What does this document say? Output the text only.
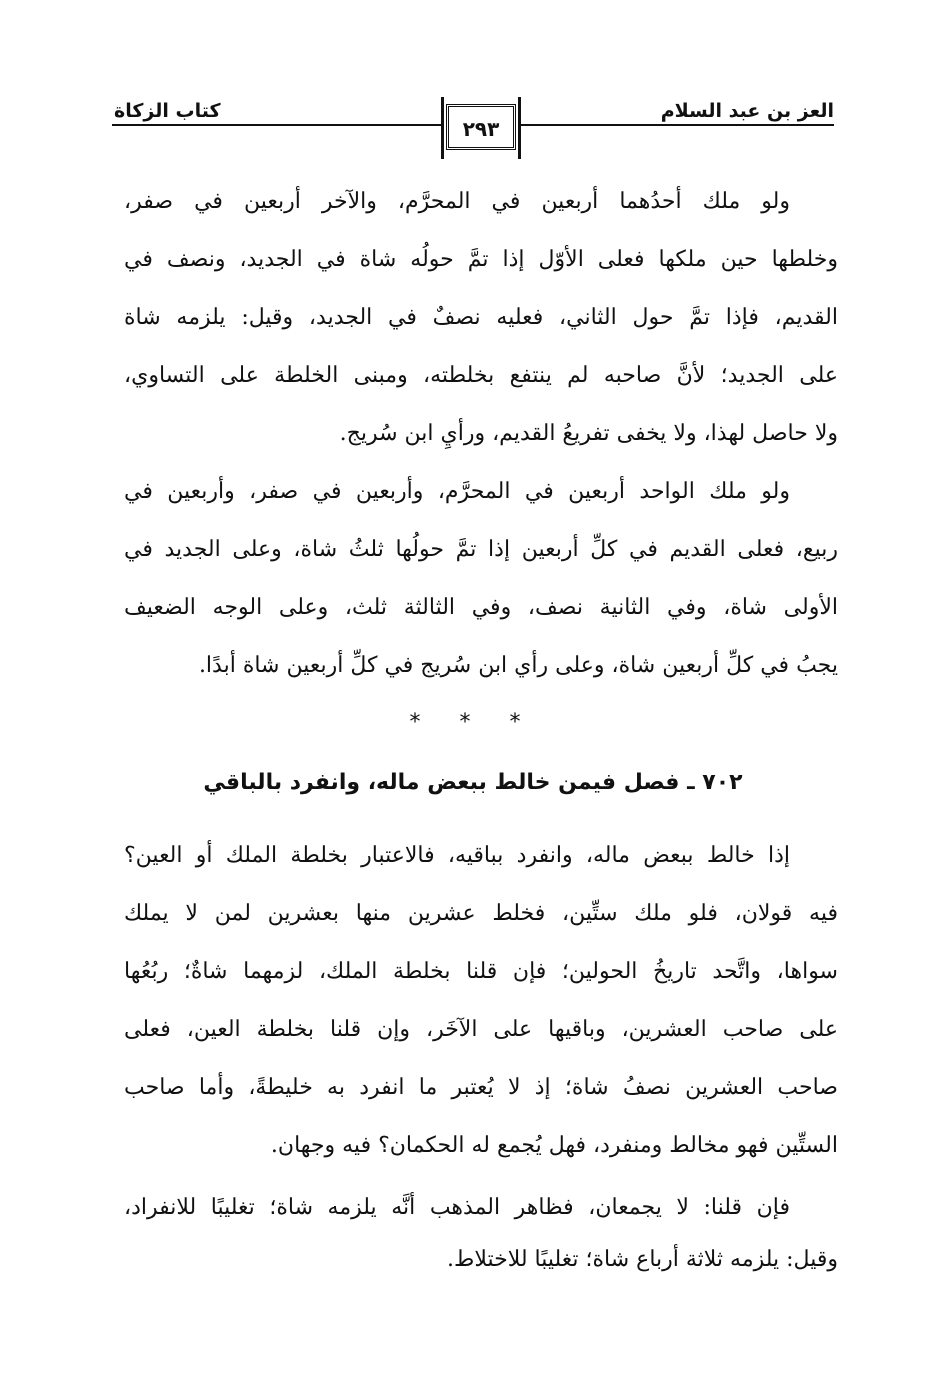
العز بن عبد السلام
كتاب الزكاة
٢٩٣
ولو ملك أحدُهما أربعين في المحرَّم، والآخر أربعين في صفر،
وخلطها حين ملكها فعلى الأوّل إذا تمَّ حولُه شاة في الجديد، ونصف في
القديم، فإذا تمَّ حول الثاني، فعليه نصفٌ في الجديد، وقيل: يلزمه شاة
على الجديد؛ لأنَّ صاحبه لم ينتفع بخلطته، ومبنى الخلطة على التساوي،
ولا حاصل لهذا، ولا يخفى تفريعُ القديم، ورأيِ ابن سُريج.
ولو ملك الواحد أربعين في المحرَّم، وأربعين في صفر، وأربعين في
ربيع، فعلى القديم في كلِّ أربعين إذا تمَّ حولُها ثلثُ شاة، وعلى الجديد في
الأولى شاة، وفي الثانية نصف، وفي الثالثة ثلث، وعلى الوجه الضعيف
يجبُ في كلِّ أربعين شاة، وعلى رأي ابن سُريج في كلِّ أربعين شاة أبدًا.
* * *
٧٠٢ ـ فصل فيمن خالط ببعض ماله، وانفرد بالباقي
إذا خالط ببعض ماله، وانفرد بباقيه، فالاعتبار بخلطة الملك أو العين؟
فيه قولان، فلو ملك ستِّين، فخلط عشرين منها بعشرين لمن لا يملك
سواها، واتَّحد تاريخُ الحولين؛ فإن قلنا بخلطة الملك، لزمهما شاةٌ؛ ربُعُها
على صاحب العشرين، وباقيها على الآخَر، وإن قلنا بخلطة العين، فعلى
صاحب العشرين نصفُ شاة؛ إذ لا يُعتبر ما انفرد به خليطةً، وأما صاحب
الستِّين فهو مخالط ومنفرد، فهل يُجمع له الحكمان؟ فيه وجهان.
فإن قلنا: لا يجمعان، فظاهر المذهب أنَّه يلزمه شاة؛ تغليبًا للانفراد،
وقيل: يلزمه ثلاثة أرباع شاة؛ تغليبًا للاختلاط.
